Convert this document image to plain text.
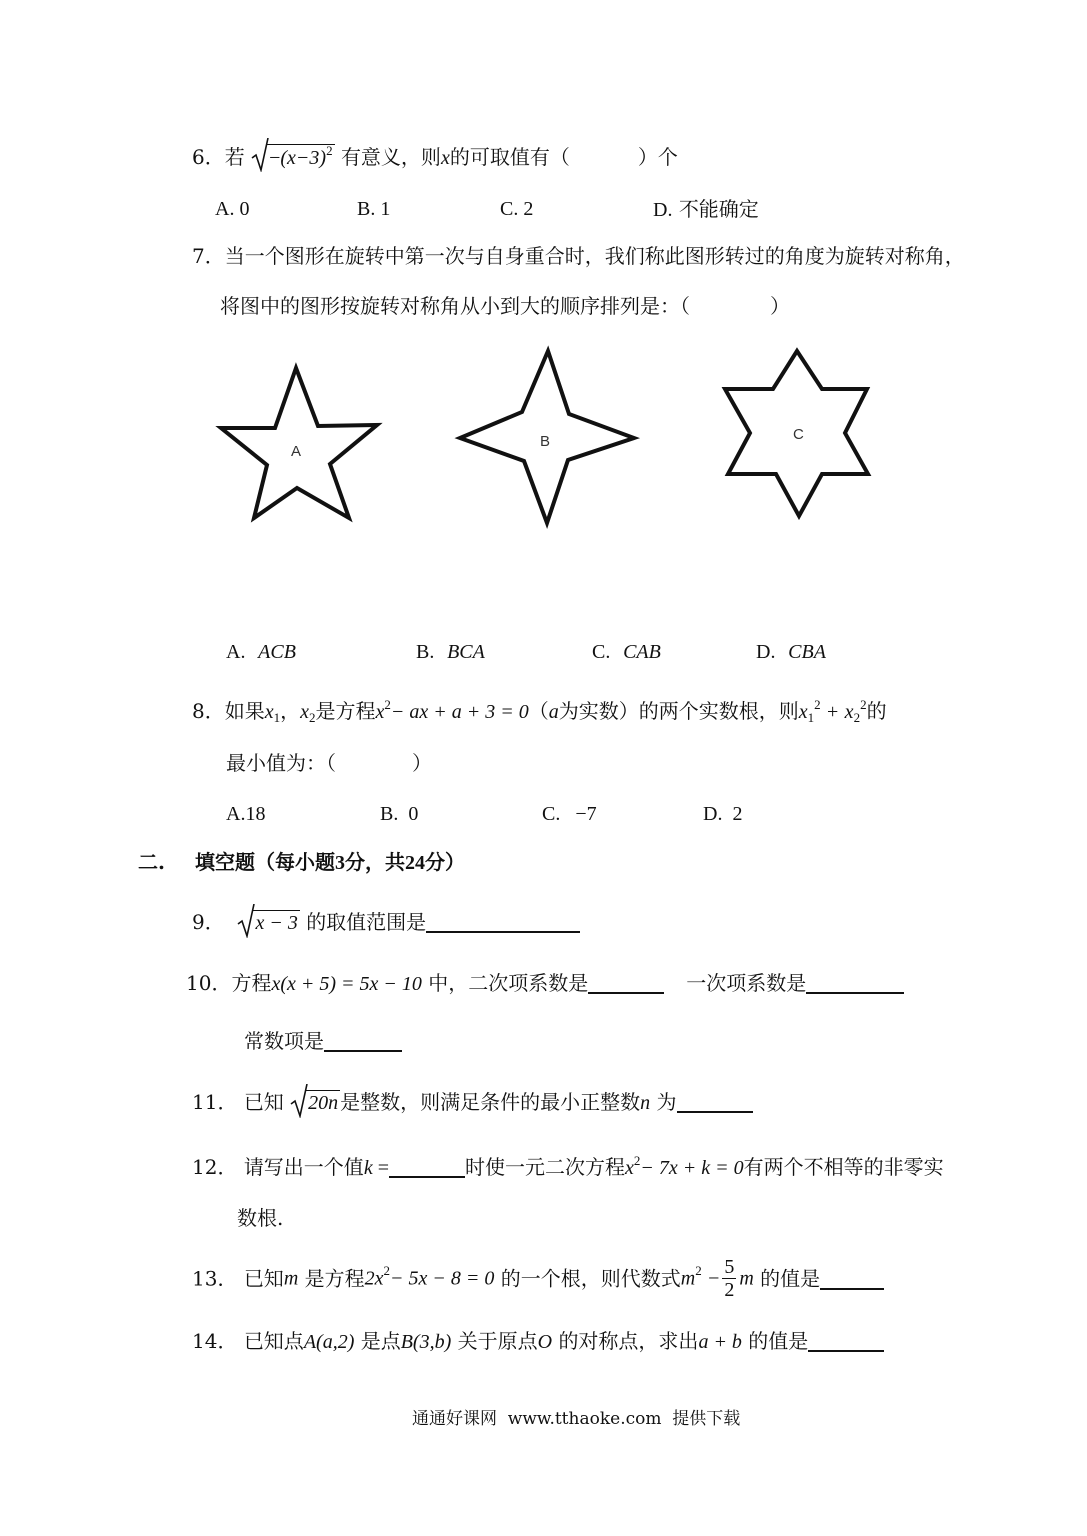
6．若 $-(x-3)^2$ 有意义，则x的可取值有（	）个
A. 0	B. 1	C. 2	D. 不能确定
7．当一个图形在旋转中第一次与自身重合时，我们称此图形转过的角度为旋转对称角，
将图中的图形按旋转对称角从小到大的顺序排列是：（	）
A
B	C
A. ACB	B. BCA	C. CAB	D. CBA
8．如果$x_1$，$x_2$是方程$x^2-$ ax + a + 3 = 0（a为实数）的两个实数根，则$x_1^2 + x_2^2$的
最小值为：（	）
A.18	B. 0	C. −7	D. 2
二. 填空题（每小题3分，共24分）
9． x − 3 的取值范围是
10．方程x(x + 5) = 5x − 10 中，二次项系数是	一次项系数是
常数项是
11． 已知 20n 是整数，则满足条件的最小正整数n 为
12． 请写出一个值k =	时使一元二次方程$x^2- 7x + k = 0$有两个不相等的非零实
数根.
13． 已知m 是方程$2x^2- 5x - 8 = 0$ 的一个根，则代数式$m^2 - \frac{5}{2}$ m 的值是
14． 已知点A(a,2) 是点B(3,b) 关于原点O 的对称点，求出a + b 的值是
通通好课网  www.tthaoke.com  提供下载
